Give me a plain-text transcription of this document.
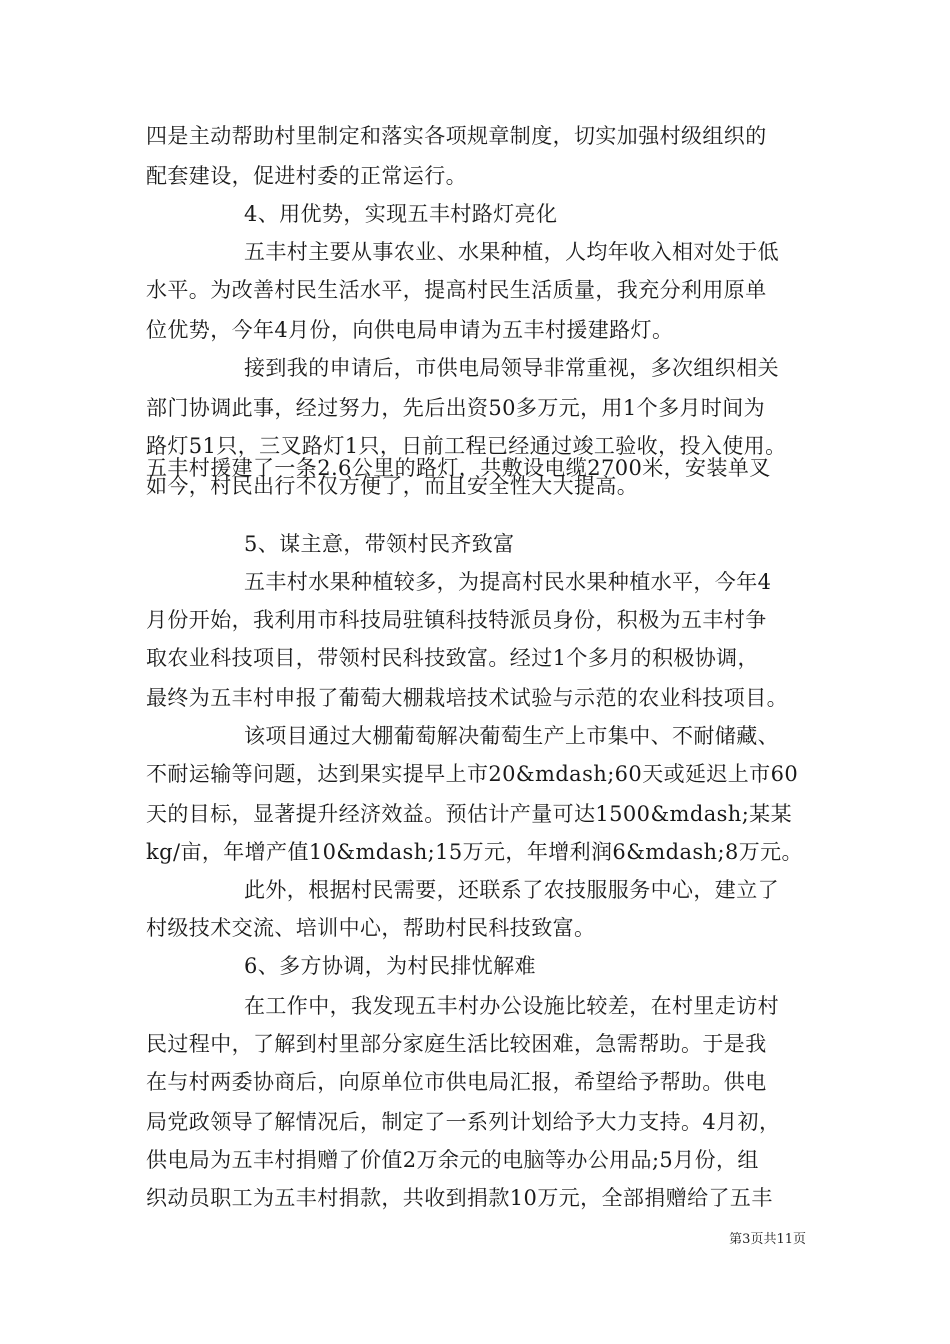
四是主动帮助村里制定和落实各项规章制度，切实加强村级组织的
配套建设，促进村委的正常运行。
4、用优势，实现五丰村路灯亮化
五丰村主要从事农业、水果种植，人均年收入相对处于低
水平。为改善村民生活水平，提高村民生活质量，我充分利用原单
位优势，今年4月份，向供电局申请为五丰村援建路灯。
接到我的申请后，市供电局领导非常重视，多次组织相关
部门协调此事，经过努力，先后出资50多万元，用1个多月时间为
五丰村援建了一条2.6公里的路灯，共敷设电缆2700米，安装单叉
路灯51只，三叉路灯1只，日前工程已经通过竣工验收，投入使用。
如今，村民出行不仅方便了，而且安全性大大提高。
5、谋主意，带领村民齐致富
五丰村水果种植较多，为提高村民水果种植水平，今年4
月份开始，我利用市科技局驻镇科技特派员身份，积极为五丰村争
取农业科技项目，带领村民科技致富。经过1个多月的积极协调，
最终为五丰村申报了葡萄大棚栽培技术试验与示范的农业科技项目。
该项目通过大棚葡萄解决葡萄生产上市集中、不耐储藏、
不耐运输等问题，达到果实提早上市20&mdash;60天或延迟上市60
天的目标，显著提升经济效益。预估计产量可达1500&mdash;某某
kg/亩，年增产值10&mdash;15万元，年增利润6&mdash;8万元。
此外，根据村民需要，还联系了农技服服务中心，建立了
村级技术交流、培训中心，帮助村民科技致富。
6、多方协调，为村民排忧解难
在工作中，我发现五丰村办公设施比较差，在村里走访村
民过程中，了解到村里部分家庭生活比较困难，急需帮助。于是我
在与村两委协商后，向原单位市供电局汇报，希望给予帮助。供电
局党政领导了解情况后，制定了一系列计划给予大力支持。4月初，
供电局为五丰村捐赠了价值2万余元的电脑等办公用品;5月份，组
织动员职工为五丰村捐款，共收到捐款10万元，全部捐赠给了五丰
第3页共11页
